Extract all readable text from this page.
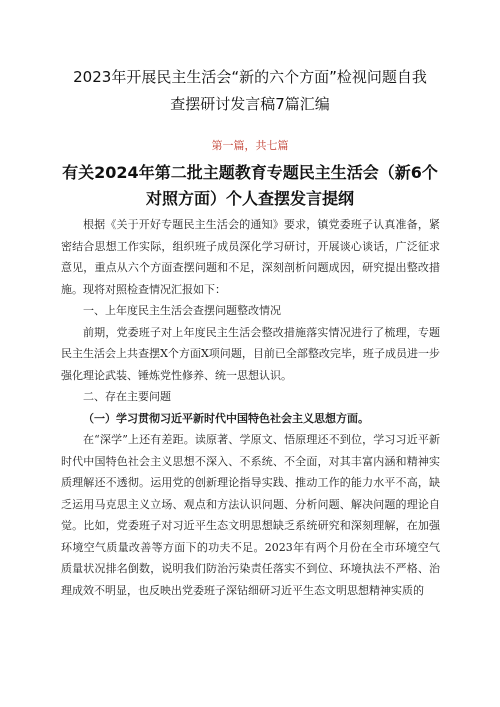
2023年开展民主生活会“新的六个方面”检视问题自我
查摆研讨发言稿7篇汇编
第一篇，共七篇
有关2024年第二批主题教育专题民主生活会（新6个
对照方面）个人查摆发言提纲

根据《关于开好专题民主生活会的通知》要求，镇党委班子认真准备，紧密结合思想工作实际，组织班子成员深化学习研讨，开展谈心谈话，广泛征求意见，重点从六个方面查摆问题和不足，深刻剖析问题成因，研究提出整改措施。现将对照检查情况汇报如下：

一、上年度民主生活会查摆问题整改情况

前期，党委班子对上年度民主生活会整改措施落实情况进行了梳理，专题民主生活会上共查摆X个方面X项问题，目前已全部整改完毕，班子成员进一步强化理论武装、锤炼党性修养、统一思想认识。

二、存在主要问题

（一）学习贯彻习近平新时代中国特色社会主义思想方面。

在“深学”上还有差距。读原著、学原文、悟原理还不到位，学习习近平新时代中国特色社会主义思想不深入、不系统、不全面，对其丰富内涵和精神实质理解还不透彻。运用党的创新理论指导实践、推动工作的能力水平不高，缺乏运用马克思主义立场、观点和方法认识问题、分析问题、解决问题的理论自觉。比如，党委班子对习近平生态文明思想缺乏系统研究和深刻理解，在加强环境空气质量改善等方面下的功夫不足。2023年有两个月份在全市环境空气质量状况排名倒数，说明我们防治污染责任落实不到位、环境执法不严格、治理成效不明显，也反映出党委班子深钻细研习近平生态文明思想精神实质的
